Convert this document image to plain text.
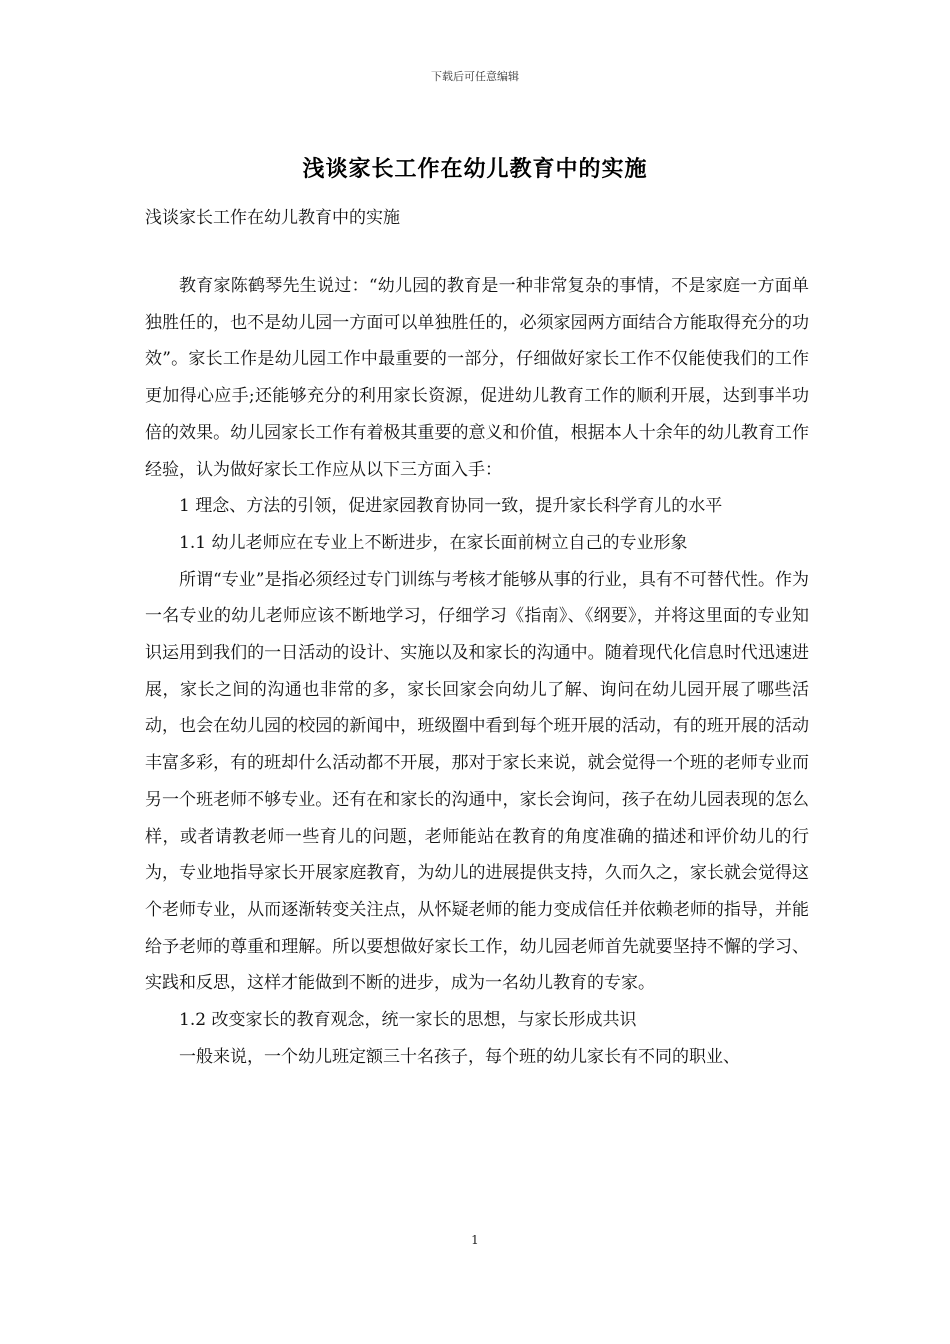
下载后可任意编辑
浅谈家长工作在幼儿教育中的实施
浅谈家长工作在幼儿教育中的实施

教育家陈鹤琴先生说过：“幼儿园的教育是一种非常复杂的事情，不是家庭一方面单独胜任的，也不是幼儿园一方面可以单独胜任的，必须家园两方面结合方能取得充分的功效”。家长工作是幼儿园工作中最重要的一部分，仔细做好家长工作不仅能使我们的工作更加得心应手;还能够充分的利用家长资源，促进幼儿教育工作的顺利开展，达到事半功倍的效果。幼儿园家长工作有着极其重要的意义和价值，根据本人十余年的幼儿教育工作经验，认为做好家长工作应从以下三方面入手：

1 理念、方法的引领，促进家园教育协同一致，提升家长科学育儿的水平

1.1 幼儿老师应在专业上不断进步，在家长面前树立自己的专业形象

所谓“专业”是指必须经过专门训练与考核才能够从事的行业，具有不可替代性。作为一名专业的幼儿老师应该不断地学习，仔细学习《指南》、《纲要》，并将这里面的专业知识运用到我们的一日活动的设计、实施以及和家长的沟通中。随着现代化信息时代迅速进展，家长之间的沟通也非常的多，家长回家会向幼儿了解、询问在幼儿园开展了哪些活动，也会在幼儿园的校园的新闻中，班级圈中看到每个班开展的活动，有的班开展的活动丰富多彩，有的班却什么活动都不开展，那对于家长来说，就会觉得一个班的老师专业而另一个班老师不够专业。还有在和家长的沟通中，家长会询问，孩子在幼儿园表现的怎么样，或者请教老师一些育儿的问题，老师能站在教育的角度准确的描述和评价幼儿的行为，专业地指导家长开展家庭教育，为幼儿的进展提供支持，久而久之，家长就会觉得这个老师专业，从而逐渐转变关注点，从怀疑老师的能力变成信任并依赖老师的指导，并能给予老师的尊重和理解。所以要想做好家长工作，幼儿园老师首先就要坚持不懈的学习、实践和反思，这样才能做到不断的进步，成为一名幼儿教育的专家。

1.2 改变家长的教育观念，统一家长的思想，与家长形成共识

一般来说，一个幼儿班定额三十名孩子，每个班的幼儿家长有不同的职业、

1
